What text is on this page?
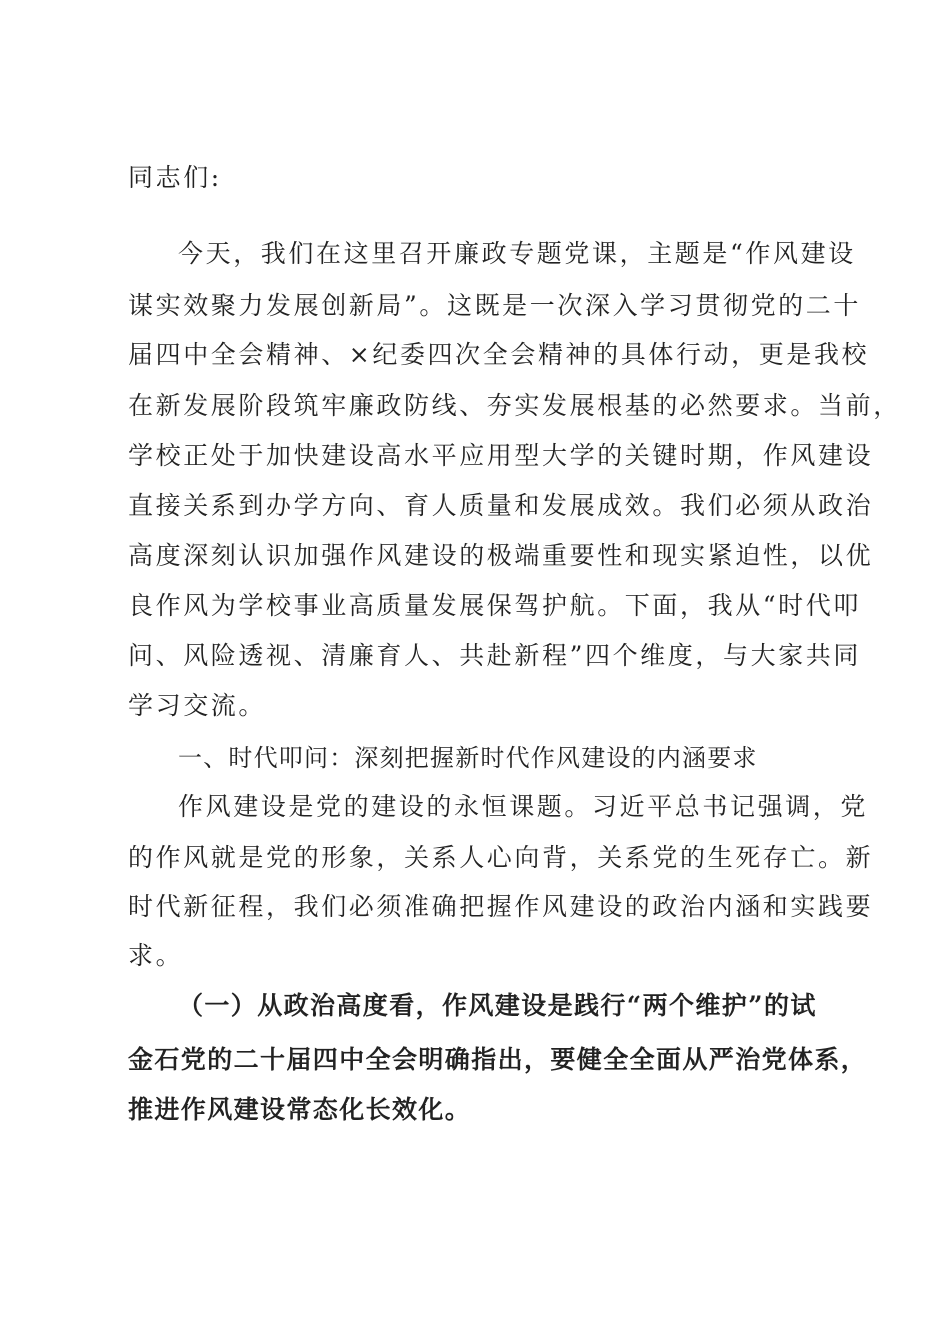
同志们:
今天，我们在这里召开廉政专题党课，主题是“作风建设
谋实效聚力发展创新局”。这既是一次深入学习贯彻党的二十
届四中全会精神、×纪委四次全会精神的具体行动，更是我校
在新发展阶段筑牢廉政防线、夯实发展根基的必然要求。当前，
学校正处于加快建设高水平应用型大学的关键时期，作风建设
直接关系到办学方向、育人质量和发展成效。我们必须从政治
高度深刻认识加强作风建设的极端重要性和现实紧迫性，以优
良作风为学校事业高质量发展保驾护航。下面，我从“时代叩
问、风险透视、清廉育人、共赴新程”四个维度，与大家共同
学习交流。
一、时代叩问：深刻把握新时代作风建设的内涵要求
作风建设是党的建设的永恒课题。习近平总书记强调，党
的作风就是党的形象，关系人心向背，关系党的生死存亡。新
时代新征程，我们必须准确把握作风建设的政治内涵和实践要
求。
（一）从政治高度看，作风建设是践行“两个维护”的试
金石党的二十届四中全会明确指出，要健全全面从严治党体系，
推进作风建设常态化长效化。
